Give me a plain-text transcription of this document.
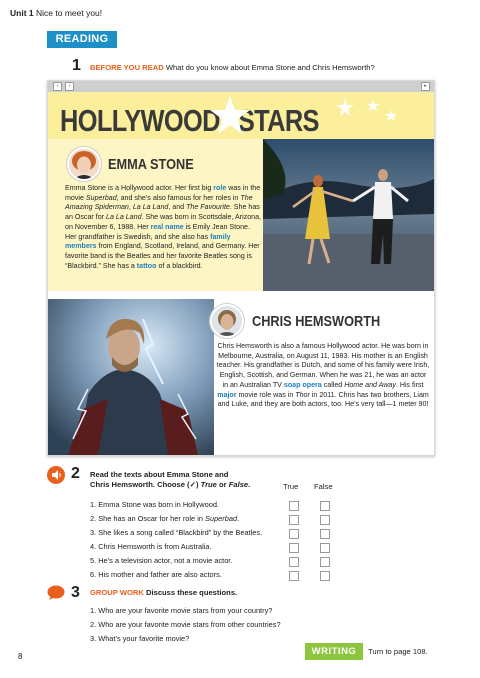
Unit 1 Nice to meet you!
READING
1 BEFORE YOU READ What do you know about Emma Stone and Chris Hemsworth?
‹	›	▸
HOLLYWOOD STARS
EMMA STONE
Emma Stone is a Hollywood actor. Her first big role was in the movie Superbad, and she’s also famous for her roles in The Amazing Spiderman, La La Land, and The Favourite. She has an Oscar for La La Land. She was born in Scottsdale, Arizona, on November 6, 1988. Her real name is Emily Jean Stone. Her grandfather is Swedish, and she also has family members from England, Scotland, Ireland, and Germany. Her favorite band is the Beatles and her favorite Beatles song is “Blackbird.” She has a tattoo of a blackbird.
CHRIS HEMSWORTH
Chris Hemsworth is also a famous Hollywood actor. He was born in Melbourne, Australia, on August 11, 1983. His mother is an English teacher. His grandfather is Dutch, and some of his family were Irish, English, Scottish, and German. When he was 21, he was an actor in an Australian TV soap opera called Home and Away. His first major movie role was in Thor in 2011. Chris has two brothers, Liam and Luke, and they are both actors, too. He’s very tall—1 meter 90!
2 Read the texts about Emma Stone and
Chris Hemsworth. Choose (✓) True or False.	True False
1. Emma Stone was born in Hollywood.
2. She has an Oscar for her role in Superbad.
3. She likes a song called “Blackbird” by the Beatles.
4. Chris Hemsworth is from Australia.
5. He’s a television actor, not a movie actor.
6. His mother and father are also actors.
3 GROUP WORK Discuss these questions.
1. Who are your favorite movie stars from your country?
2. Who are your favorite movie stars from other countries?
3. What’s your favorite movie?
8	WRITING	Turn to page 108.
